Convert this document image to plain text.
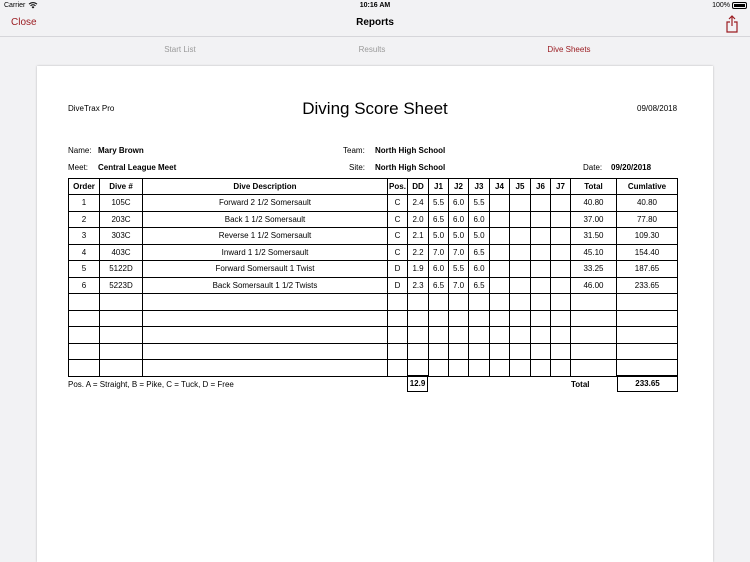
Carrier	10:16 AM	100%
Close	Reports
Start List	Results	Dive Sheets
DiveTrax Pro	Diving Score Sheet	09/08/2018
Name: Mary Brown	Team: North High School
Meet: Central League Meet	Site: North High School	Date: 09/20/2018
Order	Dive #	Dive Description	Pos.	DD	J1	J2	J3	J4	J5	J6	J7	Total	Cumlative
1	105C	Forward 2 1/2 Somersault	C	2.4	5.5	6.0	5.5					40.80	40.80
2	203C	Back 1 1/2 Somersault	C	2.0	6.5	6.0	6.0					37.00	77.80
3	303C	Reverse 1 1/2 Somersault	C	2.1	5.0	5.0	5.0					31.50	109.30
4	403C	Inward 1 1/2 Somersault	C	2.2	7.0	7.0	6.5					45.10	154.40
5	5122D	Forward Somersault 1 Twist	D	1.9	6.0	5.5	6.0					33.25	187.65
6	5223D	Back Somersault 1 1/2 Twists	D	2.3	6.5	7.0	6.5					46.00	233.65

Pos. A = Straight, B = Pike, C = Tuck, D = Free	12.9	Total	233.65
